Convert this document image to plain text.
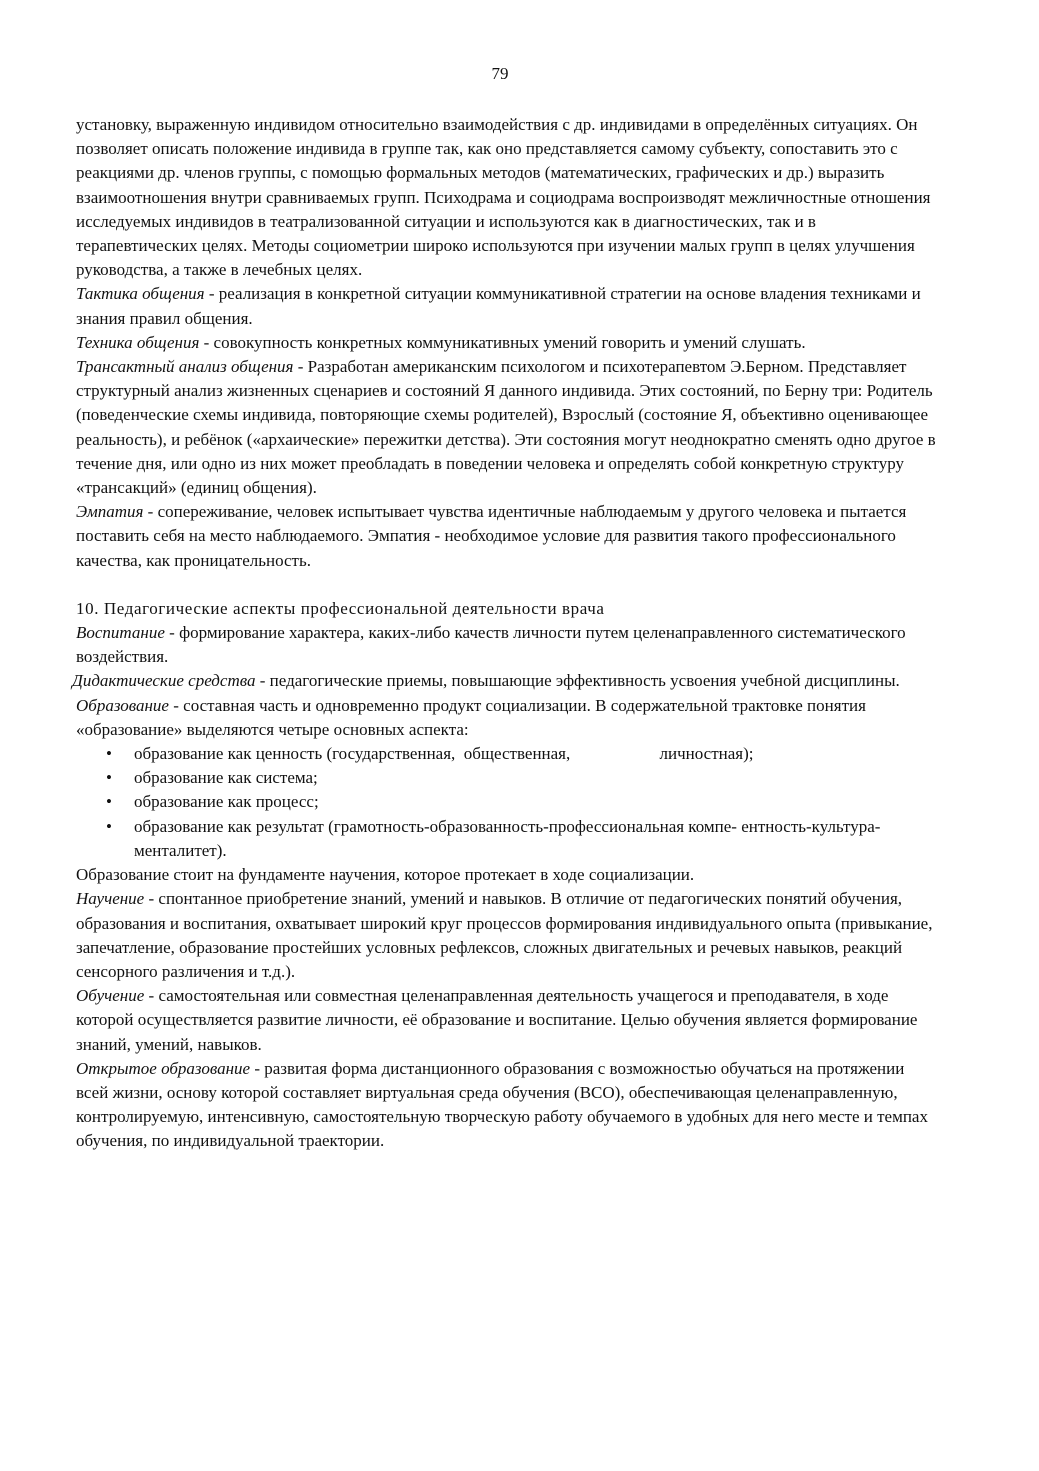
79

установку, выраженную индивидом относительно взаимодействия с др. индивидами в определённых ситуациях. Он позволяет описать положение индивида в группе так, как оно представляется самому субъекту, сопоставить это с реакциями др. членов группы, с помощью формальных методов (математических, графических и др.) выразить взаимоотношения внутри сравниваемых групп. Психодрама и социодрама воспроизводят межличностные отношения исследуемых индивидов в театрализованной ситуации и используются как в диагностических, так и в терапевтических целях. Методы социометрии широко используются при изучении малых групп в целях улучшения руководства, а также в лечебных целях.

Тактика общения - реализация в конкретной ситуации коммуникативной стратегии на основе владения техниками и знания правил общения.
Техника общения - совокупность конкретных коммуникативных умений говорить и умений слушать.
Трансактный анализ общения - Разработан американским психологом и психотерапевтом Э.Берном. Представляет структурный анализ жизненных сценариев и состояний Я данного индивида. Этих состояний, по Берну три: Родитель (поведенческие схемы индивида, повторяющие схемы родителей), Взрослый (состояние Я, объективно оценивающее реальность), и ребёнок («архаические» пережитки детства). Эти состояния могут неоднократно сменять одно другое в течение дня, или одно из них может преобладать в поведении человека и определять собой конкретную структуру «трансакций» (единиц общения).
Эмпатия - сопереживание, человек испытывает чувства идентичные наблюдаемым у другого человека и пытается поставить себя на место наблюдаемого. Эмпатия - необходимое условие для развития такого профессионального качества, как проницательность.
10. Педагогические аспекты профессиональной деятельности врача
Воспитание - формирование характера, каких-либо качеств личности путем целенаправленного систематического воздействия.
Дидактические средства - педагогические приемы, повышающие эффективность усвоения учебной дисциплины.
Образование - составная часть и одновременно продукт социализации. В содержательной трактовке понятия «образование» выделяются четыре основных аспекта:
• образование как ценность (государственная,  общественная,                     личностная);
• образование как система;
• образование как процесс;
• образование как результат (грамотность-образованность-профессиональная компе- ентность-культура-менталитет).

Образование стоит на фундаменте научения, которое протекает в ходе социализации.

Научение - спонтанное приобретение знаний, умений и навыков. В отличие от педагогических понятий обучения, образования и воспитания, охватывает широкий круг процессов формирования индивидуального опыта (привыкание, запечатление, образование простейших условных рефлексов, сложных двигательных и речевых навыков, реакций сенсорного различения и т.д.).
Обучение - самостоятельная или совместная целенаправленная деятельность учащегося и преподавателя, в ходе которой осуществляется развитие личности, её образование и воспитание. Целью обучения является формирование знаний, умений, навыков.
Открытое образование - развитая форма дистанционного образования с возможностью обучаться на протяжении всей жизни, основу которой составляет виртуальная среда обучения (ВСО), обеспечивающая целенаправленную, контролируемую, интенсивную, самостоятельную творческую работу обучаемого в удобных для него месте и темпах обучения, по индивидуальной траектории.
